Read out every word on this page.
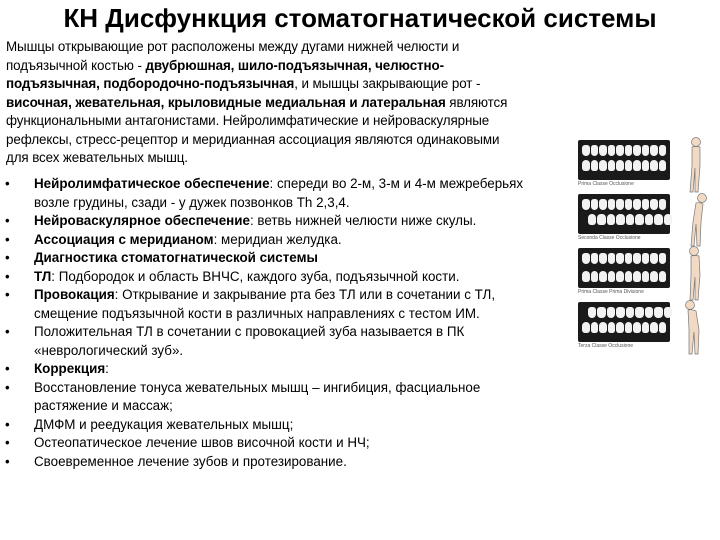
КН Дисфункция стоматогнатической системы
Мышцы открывающие рот расположены между дугами нижней челюсти и
подъязычной костью - двубрюшная, шило-подъязычная, челюстно-
подъязычная, подбородочно-подъязычная, и мышцы закрывающие рот -
височная, жевательная, крыловидные медиальная и латеральная являются
функциональными антагонистами. Нейролимфатические и нейроваскулярные
рефлексы, стресс-рецептор и меридианная ассоциация являются одинаковыми
для всех жевательных мышц.
• Нейролимфатическое обеспечение: спереди во 2-м, 3-м и 4-м межреберьях
возле грудины, сзади - у дужек позвонков Th 2,3,4.
• Нейроваскулярное обеспечение: ветвь нижней челюсти ниже скулы.
• Ассоциация с меридианом: меридиан желудка.
• Диагностика стоматогнатической системы
• ТЛ: Подбородок и область ВНЧС, каждого зуба, подъязычной кости.
• Провокация: Открывание и закрывание рта без ТЛ или в сочетании с ТЛ,
смещение подъязычной кости в различных направлениях с тестом ИМ.
• Положительная ТЛ в сочетании с провокацией зуба называется в ПК
«неврологический зуб».
• Коррекция:
• Восстановление тонуса жевательных мышц – ингибиция, фасциальное
растяжение и массаж;
• ДМФМ и реедукация жевательных мышц;
• Остеопатическое лечение швов височной кости и НЧ;
• Своевременное лечение зубов и протезирование.
Prima Classe Occlusione
Seconda Classe Occlusione
Prima Classe Prima Divisione
Terza Classe Occlusione
